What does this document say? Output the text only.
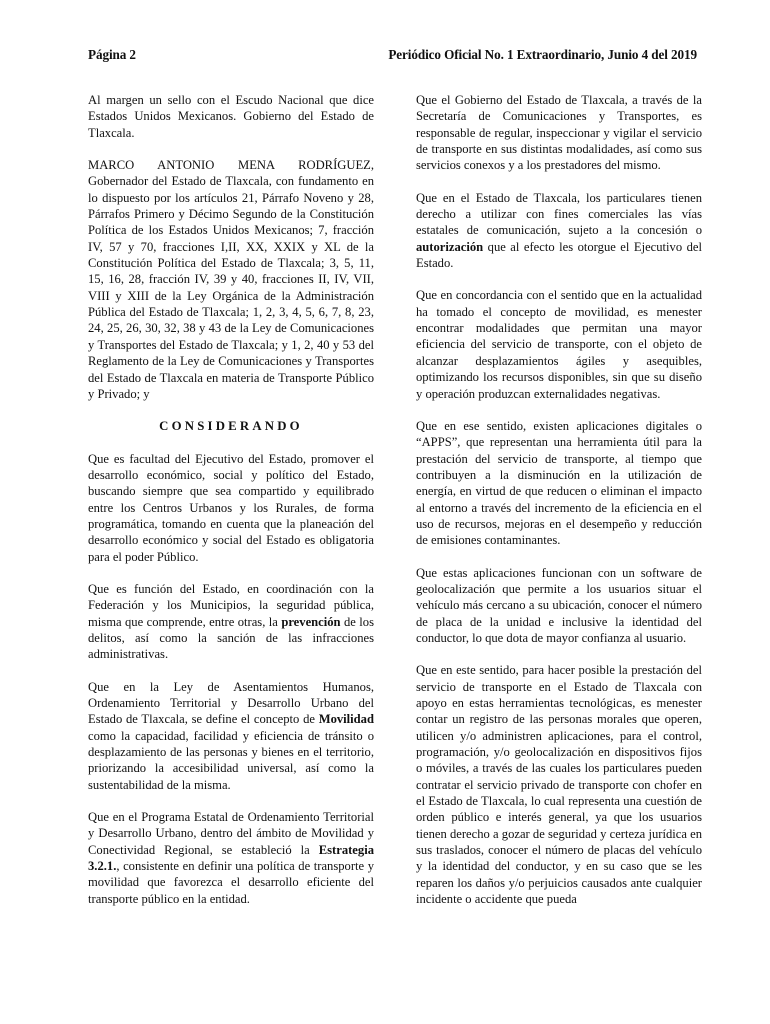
Página 2	Periódico Oficial No. 1 Extraordinario, Junio 4 del 2019

Al margen un sello con el Escudo Nacional que dice Estados Unidos Mexicanos. Gobierno del Estado de Tlaxcala.

MARCO ANTONIO MENA RODRÍGUEZ, Gobernador del Estado de Tlaxcala, con fundamento en lo dispuesto por los artículos 21, Párrafo Noveno y 28, Párrafos Primero y Décimo Segundo de la Constitución Política de los Estados Unidos Mexicanos; 7, fracción IV, 57 y 70, fracciones I,II, XX, XXIX y XL de la Constitución Política del Estado de Tlaxcala; 3, 5, 11, 15, 16, 28, fracción IV, 39 y 40, fracciones II, IV, VII, VIII y XIII de la Ley Orgánica de la Administración Pública del Estado de Tlaxcala; 1, 2, 3, 4, 5, 6, 7, 8, 23, 24, 25, 26, 30, 32, 38 y 43 de la Ley de Comunicaciones y Transportes del Estado de Tlaxcala; y 1, 2, 40 y 53 del Reglamento de la Ley de Comunicaciones y Transportes del Estado de Tlaxcala en materia de Transporte Público y Privado; y

CONSIDERANDO

Que es facultad del Ejecutivo del Estado, promover el desarrollo económico, social y político del Estado, buscando siempre que sea compartido y equilibrado entre los Centros Urbanos y los Rurales, de forma programática, tomando en cuenta que la planeación del desarrollo económico y social del Estado es obligatoria para el poder Público.

Que es función del Estado, en coordinación con la Federación y los Municipios, la seguridad pública, misma que comprende, entre otras, la prevención de los delitos, así como la sanción de las infracciones administrativas.

Que en la Ley de Asentamientos Humanos, Ordenamiento Territorial y Desarrollo Urbano del Estado de Tlaxcala, se define el concepto de Movilidad como la capacidad, facilidad y eficiencia de tránsito o desplazamiento de las personas y bienes en el territorio, priorizando la accesibilidad universal, así como la sustentabilidad de la misma.

Que en el Programa Estatal de Ordenamiento Territorial y Desarrollo Urbano, dentro del ámbito de Movilidad y Conectividad Regional, se estableció la Estrategia 3.2.1., consistente en definir una política de transporte y movilidad que favorezca el desarrollo eficiente del transporte público en la entidad.

Que el Gobierno del Estado de Tlaxcala, a través de la Secretaría de Comunicaciones y Transportes, es responsable de regular, inspeccionar y vigilar el servicio de transporte en sus distintas modalidades, así como sus servicios conexos y a los prestadores del mismo.

Que en el Estado de Tlaxcala, los particulares tienen derecho a utilizar con fines comerciales las vías estatales de comunicación, sujeto a la concesión o autorización que al efecto les otorgue el Ejecutivo del Estado.

Que en concordancia con el sentido que en la actualidad ha tomado el concepto de movilidad, es menester encontrar modalidades que permitan una mayor eficiencia del servicio de transporte, con el objeto de alcanzar desplazamientos ágiles y asequibles, optimizando los recursos disponibles, sin que su diseño y operación produzcan externalidades negativas.

Que en ese sentido, existen aplicaciones digitales o “APPS”, que representan una herramienta útil para la prestación del servicio de transporte, al tiempo que contribuyen a la disminución en la utilización de energía, en virtud de que reducen o eliminan el impacto al entorno a través del incremento de la eficiencia en el uso de recursos, mejoras en el desempeño y reducción de emisiones contaminantes.

Que estas aplicaciones funcionan con un software de geolocalización que permite a los usuarios situar el vehículo más cercano a su ubicación, conocer el número de placa de la unidad e inclusive la identidad del conductor, lo que dota de mayor confianza al usuario.

Que en este sentido, para hacer posible la prestación del servicio de transporte en el Estado de Tlaxcala con apoyo en estas herramientas tecnológicas, es menester contar un registro de las personas morales que operen, utilicen y/o administren aplicaciones, para el control, programación, y/o geolocalización en dispositivos fijos o móviles, a través de las cuales los particulares pueden contratar el servicio privado de transporte con chofer en el Estado de Tlaxcala, lo cual representa una cuestión de orden público e interés general, ya que los usuarios tienen derecho a gozar de seguridad y certeza jurídica en sus traslados, conocer el número de placas del vehículo y la identidad del conductor, y en su caso que se les reparen los daños y/o perjuicios causados ante cualquier incidente o accidente que pueda
